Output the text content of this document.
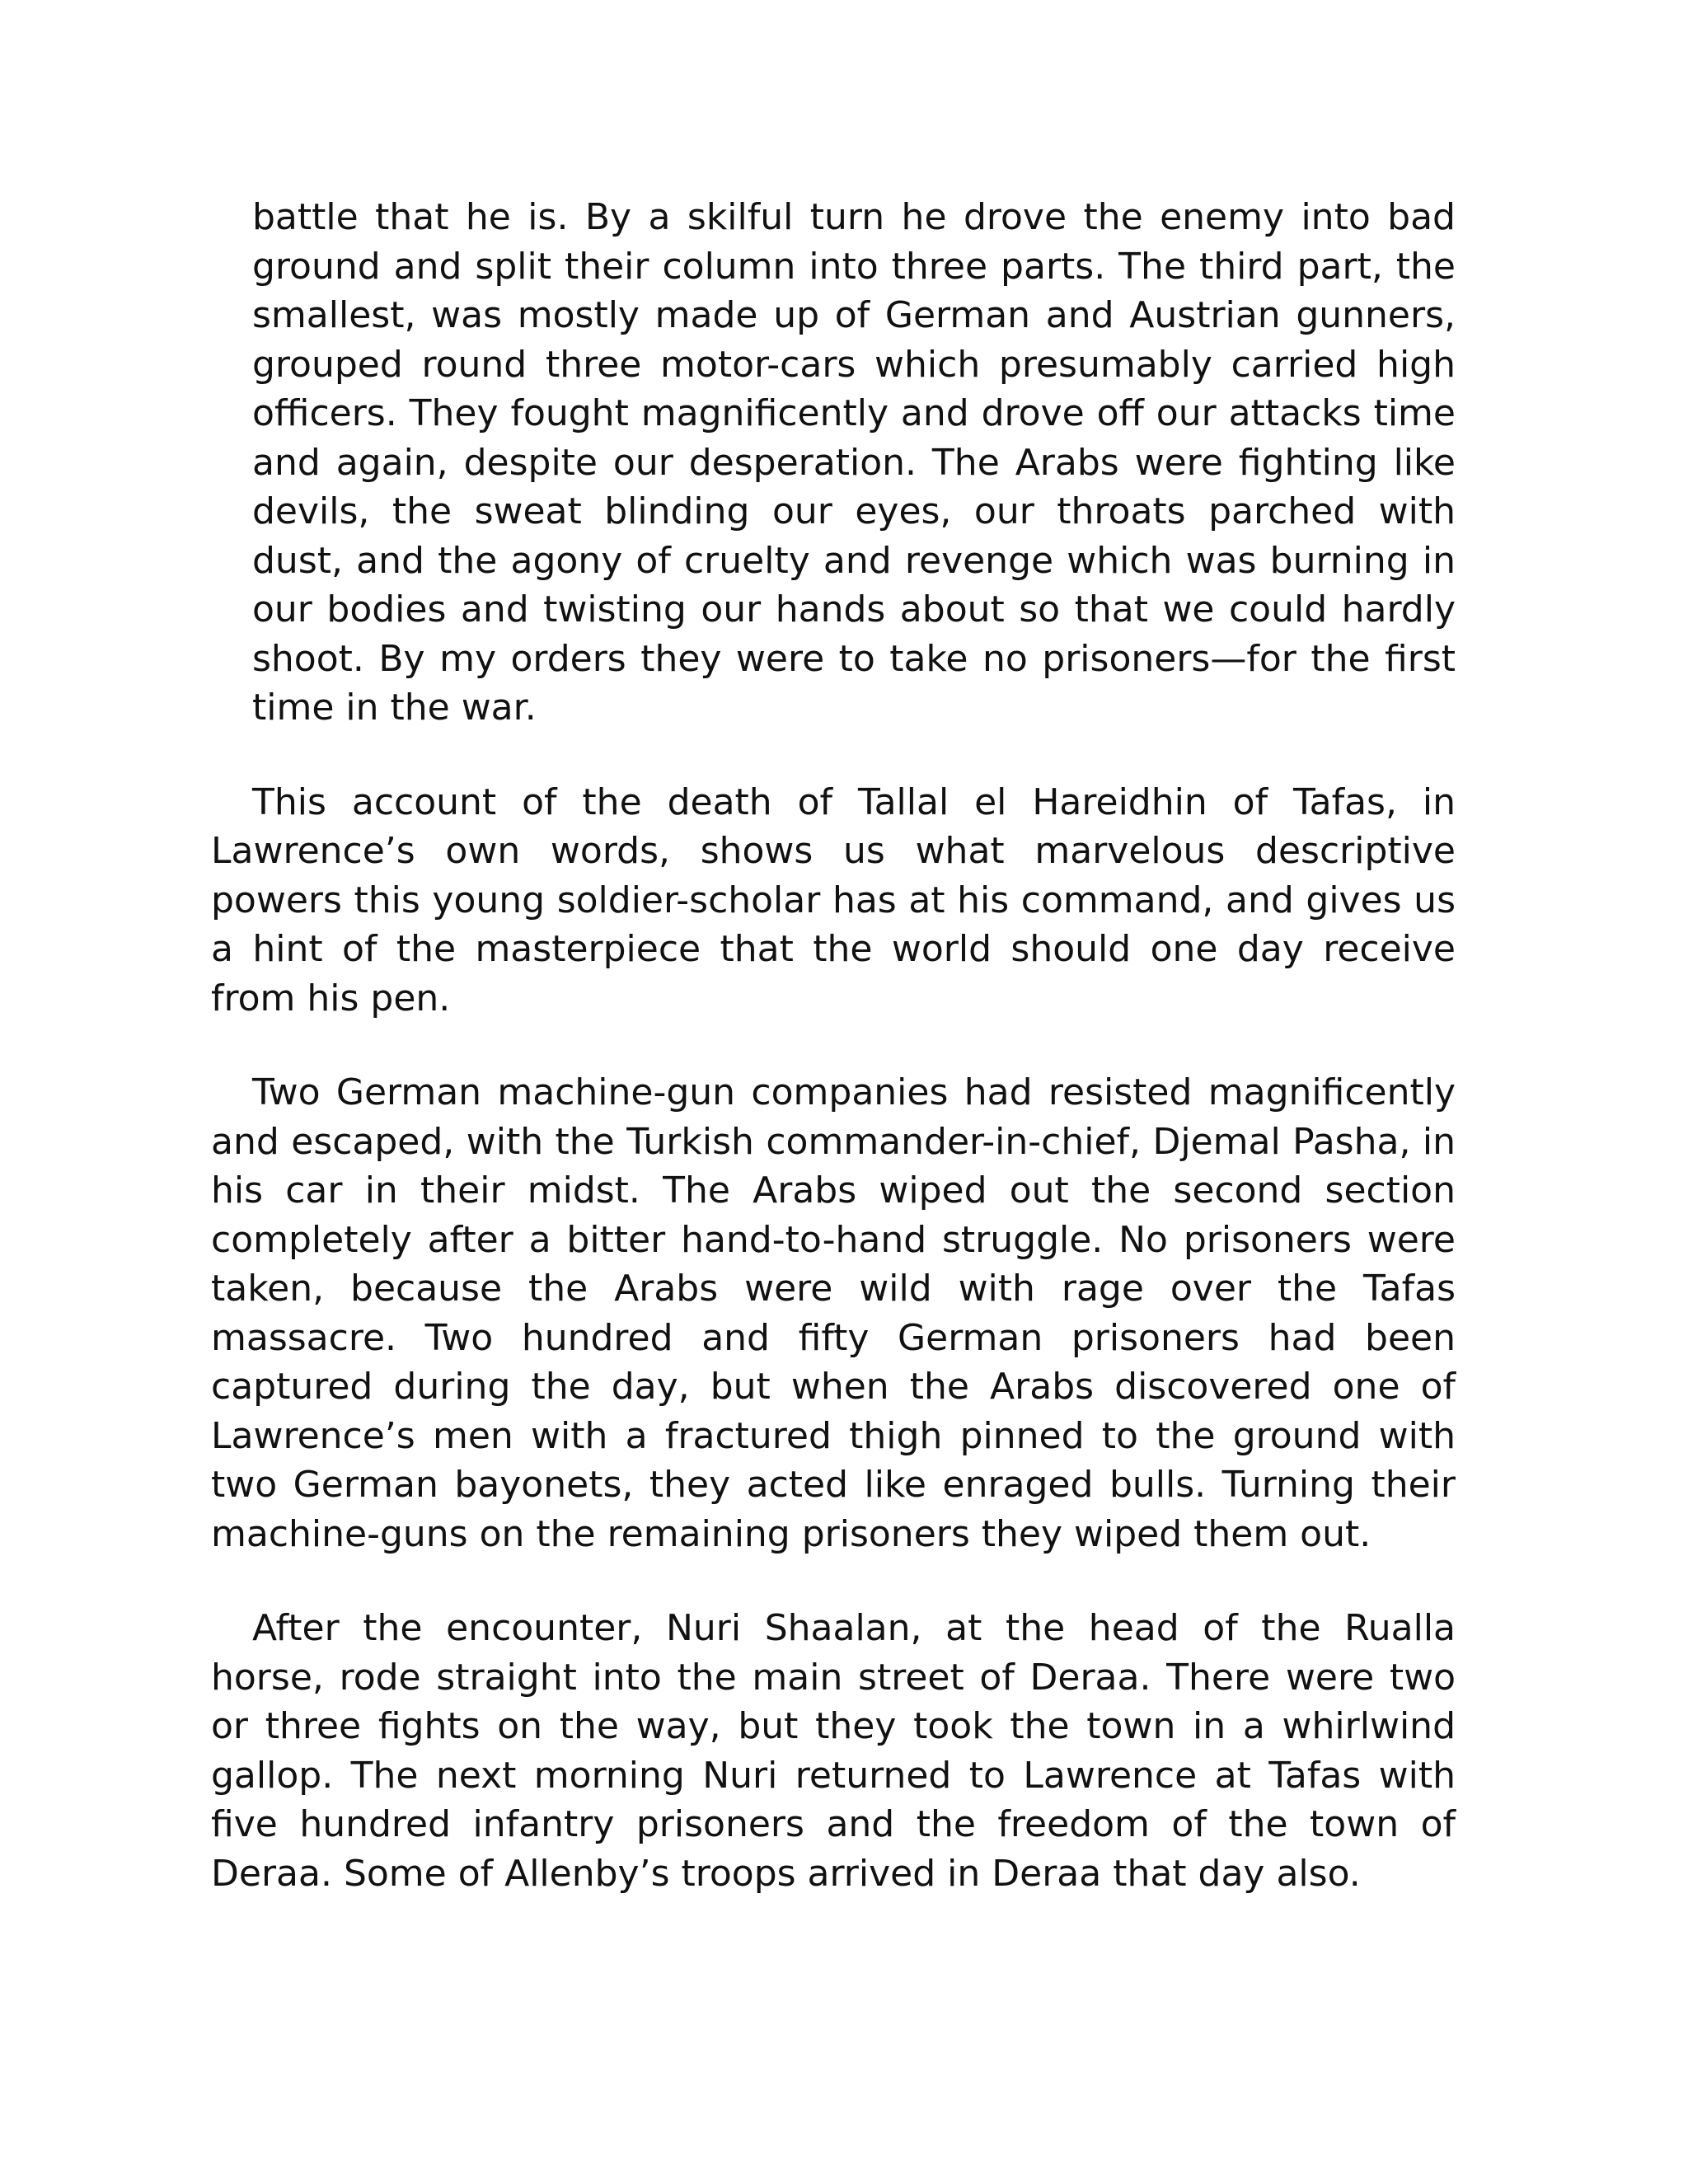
battle that he is. By a skilful turn he drove the enemy into bad ground and split their column into three parts. The third part, the smallest, was mostly made up of German and Austrian gunners, grouped round three motor-cars which presumably carried high officers. They fought magnificently and drove off our attacks time and again, despite our desperation. The Arabs were fighting like devils, the sweat blinding our eyes, our throats parched with dust, and the agony of cruelty and revenge which was burning in our bodies and twisting our hands about so that we could hardly shoot. By my orders they were to take no prisoners—for the first time in the war.

This account of the death of Tallal el Hareidhin of Tafas, in Lawrence’s own words, shows us what marvelous descriptive powers this young soldier-scholar has at his command, and gives us a hint of the masterpiece that the world should one day receive from his pen.

Two German machine-gun companies had resisted magnificently and escaped, with the Turkish commander-in-chief, Djemal Pasha, in his car in their midst. The Arabs wiped out the second section completely after a bitter hand-to-hand struggle. No prisoners were taken, because the Arabs were wild with rage over the Tafas massacre. Two hundred and fifty German prisoners had been captured during the day, but when the Arabs discovered one of Lawrence’s men with a fractured thigh pinned to the ground with two German bayonets, they acted like enraged bulls. Turning their machine-guns on the remaining prisoners they wiped them out.

After the encounter, Nuri Shaalan, at the head of the Rualla horse, rode straight into the main street of Deraa. There were two or three fights on the way, but they took the town in a whirlwind gallop. The next morning Nuri returned to Lawrence at Tafas with five hundred infantry prisoners and the freedom of the town of Deraa. Some of Allenby’s troops arrived in Deraa that day also.
